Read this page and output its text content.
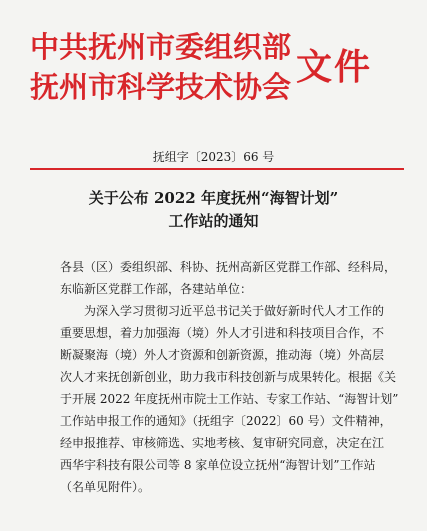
中共抚州市委组织部
抚州市科学技术协会 文件
抚组字〔2023〕66 号
关于公布 2022 年度抚州“海智计划”
工作站的通知
各县（区）委组织部、科协、抚州高新区党群工作部、经科局，
东临新区党群工作部，各建站单位：
为深入学习贯彻习近平总书记关于做好新时代人才工作的
重要思想，着力加强海（境）外人才引进和科技项目合作，不
断凝聚海（境）外人才资源和创新资源，推动海（境）外高层
次人才来抚创新创业，助力我市科技创新与成果转化。根据《关
于开展 2022 年度抚州市院士工作站、专家工作站、“海智计划”
工作站申报工作的通知》（抚组字〔2022〕60 号）文件精神，
经申报推荐、审核筛选、实地考核、复审研究同意，决定在江
西华宇科技有限公司等 8 家单位设立抚州“海智计划”工作站
（名单见附件）。
